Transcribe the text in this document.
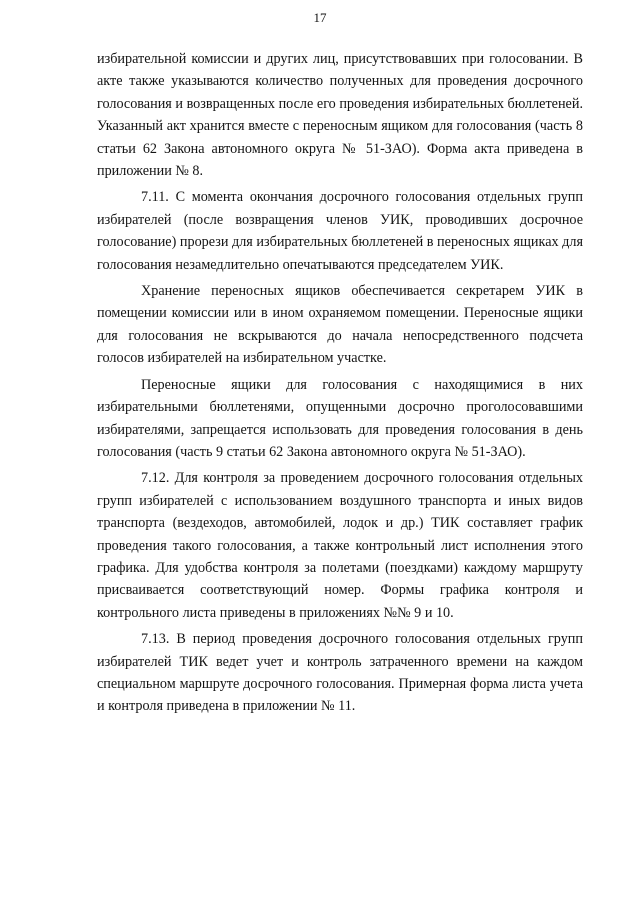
17

избирательной комиссии и других лиц, присутствовавших при голосовании. В акте также указываются количество полученных для проведения досрочного голосования и возвращенных после его проведения избирательных бюллетеней. Указанный акт хранится вместе с переносным ящиком для голосования (часть 8 статьи 62 Закона автономного округа № 51-ЗАО). Форма акта приведена в приложении № 8.

7.11. С момента окончания досрочного голосования отдельных групп избирателей (после возвращения членов УИК, проводивших досрочное голосование) прорези для избирательных бюллетеней в переносных ящиках для голосования незамедлительно опечатываются председателем УИК.

Хранение переносных ящиков обеспечивается секретарем УИК в помещении комиссии или в ином охраняемом помещении. Переносные ящики для голосования не вскрываются до начала непосредственного подсчета голосов избирателей на избирательном участке.

Переносные ящики для голосования с находящимися в них избирательными бюллетенями, опущенными досрочно проголосовавшими избирателями, запрещается использовать для проведения голосования в день голосования (часть 9 статьи 62 Закона автономного округа № 51-ЗАО).

7.12. Для контроля за проведением досрочного голосования отдельных групп избирателей с использованием воздушного транспорта и иных видов транспорта (вездеходов, автомобилей, лодок и др.) ТИК составляет график проведения такого голосования, а также контрольный лист исполнения этого графика. Для удобства контроля за полетами (поездками) каждому маршруту присваивается соответствующий номер. Формы графика контроля и контрольного листа приведены в приложениях №№ 9 и 10.

7.13. В период проведения досрочного голосования отдельных групп избирателей ТИК ведет учет и контроль затраченного времени на каждом специальном маршруте досрочного голосования. Примерная форма листа учета и контроля приведена в приложении № 11.
